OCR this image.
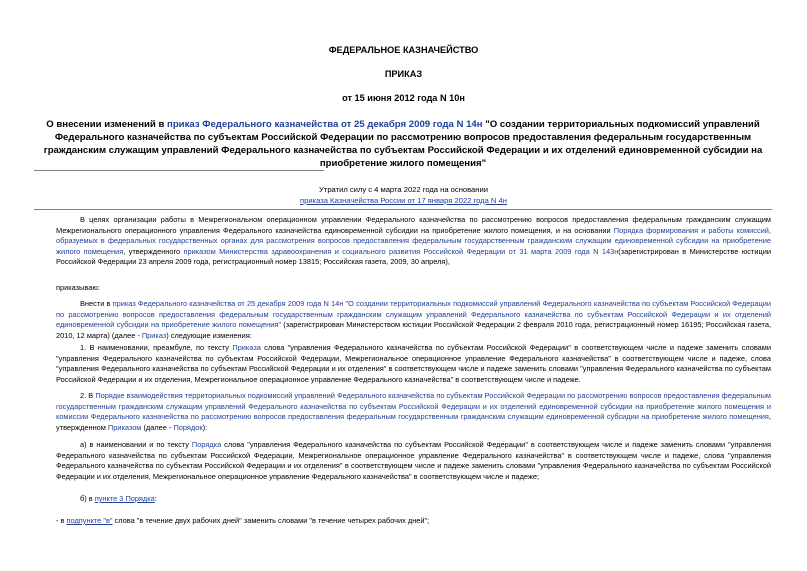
ФЕДЕРАЛЬНОЕ КАЗНАЧЕЙСТВО
ПРИКАЗ
от 15 июня 2012 года N 10н
О внесении изменений в приказ Федерального казначейства от 25 декабря 2009 года N 14н "О создании территориальных подкомиссий управлений Федерального казначейства по субъектам Российской Федерации по рассмотрению вопросов предоставления федеральным государственным гражданским служащим управлений Федерального казначейства по субъектам Российской Федерации и их отделений единовременной субсидии на приобретение жилого помещения"
Утратил силу с 4 марта 2022 года на основании
приказа Казначейства России от 17 января 2022 года N 4н
В целях организации работы в Межрегиональном операционном управлении Федерального казначейства по рассмотрению вопросов предоставления федеральным гражданским служащим Межрегионального операционного управления Федерального казначейства единовременной субсидии на приобретение жилого помещения, и на основании Порядка формирования и работы комиссий, образуемых в федеральных государственных органах для рассмотрения вопросов предоставления федеральным государственным гражданским служащим единовременной субсидии на приобретение жилого помещения, утвержденного приказом Министерства здравоохранения и социального развития Российской Федерации от 31 марта 2009 года N 143н(зарегистрирован в Министерстве юстиции Российской Федерации 23 апреля 2009 года, регистрационный номер 13815; Российская газета, 2009, 30 апреля),
приказываю:
Внести в приказ Федерального казначейства от 25 декабря 2009 года N 14н "О создании территориальных подкомиссий управлений Федерального казначейства по субъектам Российской Федерации по рассмотрению вопросов предоставления федеральным государственным гражданским служащим управлений Федерального казначейства по субъектам Российской Федерации и их отделений единовременной субсидии на приобретение жилого помещения" (зарегистрирован Министерством юстиции Российской Федерации 2 февраля 2010 года, регистрационный номер 16195; Российская газета, 2010, 12 марта) (далее - Приказ) следующие изменения:
1. В наименовании, преамбуле, по тексту Приказа слова "управления Федерального казначейства по субъектам Российской Федерации" в соответствующем числе и падеже заменить словами "управления Федерального казначейства по субъектам Российской Федерации, Межрегиональное операционное управление Федерального казначейства" в соответствующем числе и падеже, слова "управления Федерального казначейства по субъектам Российской Федерации и их отделения" в соответствующем числе и падеже заменить словами "управления Федерального казначейства по субъектам Российской Федерации и их отделения, Межрегиональное операционное управление Федерального казначейства" в соответствующем числе и падеже.
2. В Порядке взаимодействия территориальных подкомиссий управлений Федерального казначейства по субъектам Российской Федерации по рассмотрению вопросов предоставления федеральным государственным гражданским служащим управлений Федерального казначейства по субъектам Российской Федерации и их отделений единовременной субсидии на приобретение жилого помещения и комиссии Федерального казначейства по рассмотрению вопросов предоставления федеральным государственным гражданским служащим единовременной субсидии на приобретение жилого помещения, утвержденном Приказом (далее - Порядок):
а) в наименовании и по тексту Порядка слова "управления Федерального казначейства по субъектам Российской Федерации" в соответствующем числе и падеже заменить словами "управления Федерального казначейства по субъектам Российской Федерации, Межрегиональное операционное управление Федерального казначейства" в соответствующем числе и падеже, слова "управления Федерального казначейства по субъектам Российской Федерации и их отделения" в соответствующем числе и падеже заменить словами "управления Федерального казначейства по субъектам Российской Федерации и их отделения, Межрегиональное операционное управление Федерального казначейства" в соответствующем числе и падеже;
б) в пункте 3 Порядка:
- в подпункте "в" слова "в течение двух рабочих дней" заменить словами "в течение четырех рабочих дней";
